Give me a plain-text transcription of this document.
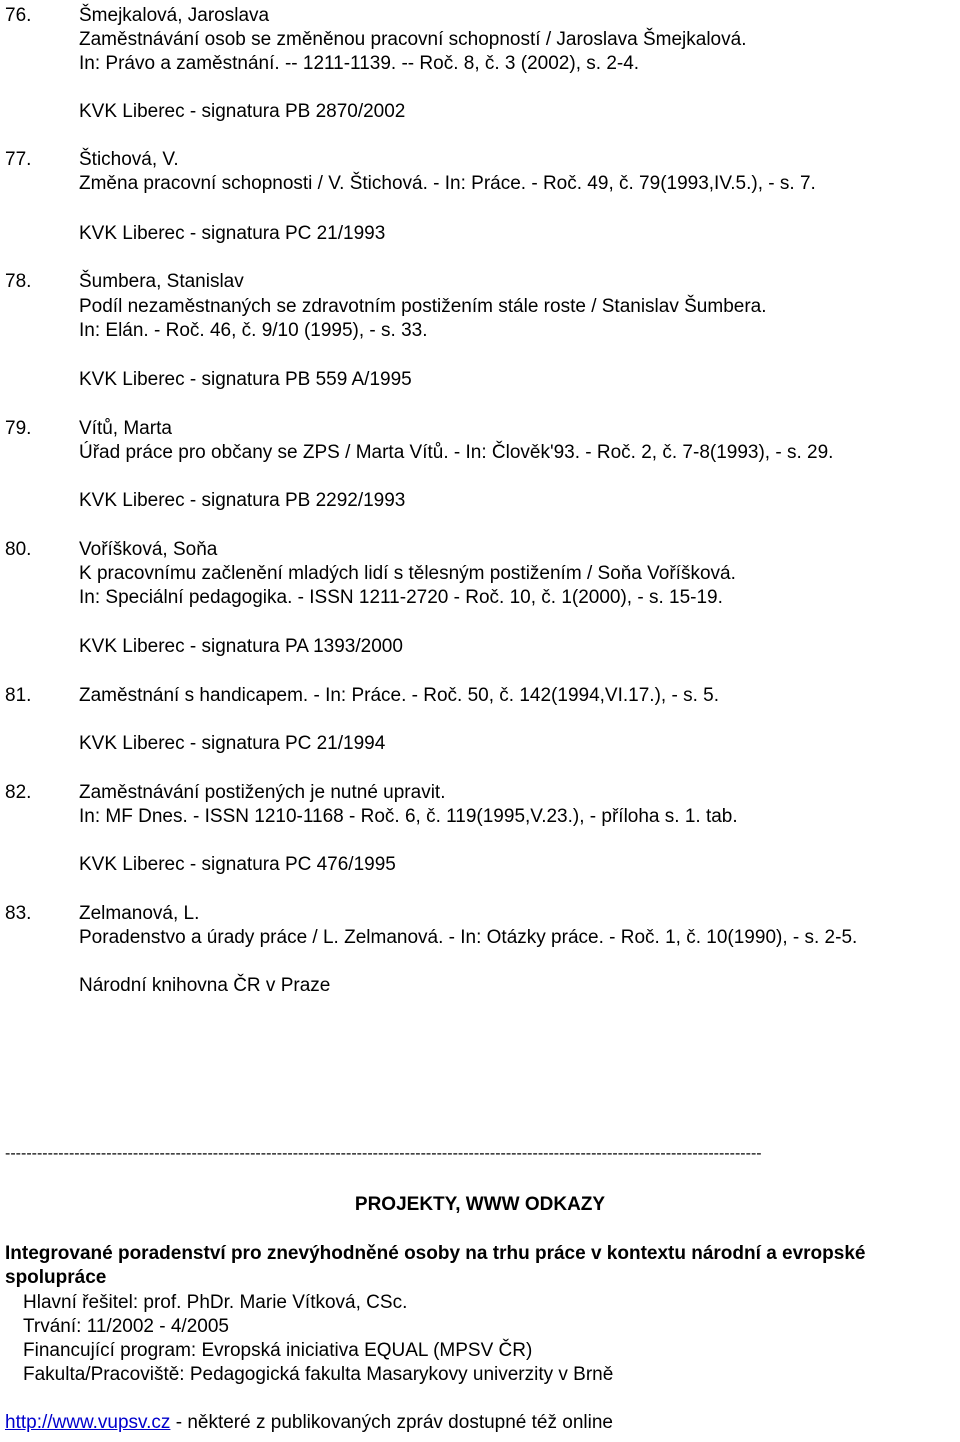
76.	Šmejkalová, Jaroslava
Zaměstnávání osob se změněnou pracovní schopností / Jaroslava Šmejkalová.
In: Právo a zaměstnání. -- 1211-1139. -- Roč. 8, č. 3 (2002), s. 2-4.
KVK Liberec - signatura PB 2870/2002
77.	Štichová, V.
Změna pracovní schopnosti / V. Štichová. - In: Práce. - Roč. 49, č. 79(1993,IV.5.), - s. 7.
KVK Liberec - signatura PC 21/1993
78.	Šumbera, Stanislav
Podíl nezaměstnaných se zdravotním postižením stále roste / Stanislav Šumbera.
In: Elán. - Roč. 46, č. 9/10 (1995), - s. 33.
KVK Liberec - signatura PB 559 A/1995
79.	Vítů, Marta
Úřad práce pro občany se ZPS / Marta Vítů. - In: Člověk'93. - Roč. 2, č. 7-8(1993), - s. 29.
KVK Liberec - signatura PB 2292/1993
80.	Voříšková, Soňa
K pracovnímu začlenění mladých lidí s tělesným postižením / Soňa Voříšková.
In: Speciální pedagogika. - ISSN 1211-2720 - Roč. 10, č. 1(2000), - s. 15-19.
KVK Liberec - signatura PA 1393/2000
81.	Zaměstnání s handicapem. - In: Práce. - Roč. 50, č. 142(1994,VI.17.), - s. 5.
KVK Liberec - signatura PC 21/1994
82.	Zaměstnávání postižených je nutné upravit.
In: MF Dnes. - ISSN 1210-1168 - Roč. 6, č. 119(1995,V.23.), - příloha s. 1. tab.
KVK Liberec - signatura PC 476/1995
83.	Zelmanová, L.
Poradenstvo a úrady práce / L. Zelmanová. - In: Otázky práce. - Roč. 1, č. 10(1990), - s. 2-5.
Národní knihovna ČR v Praze
----------------------------------------------------------------------------------------------------------------------------------------------
PROJEKTY, WWW ODKAZY
Integrované poradenství pro znevýhodněné osoby na trhu práce v kontextu národní a evropské
spolupráce
Hlavní řešitel: prof. PhDr. Marie Vítková, CSc.
Trvání: 11/2002 - 4/2005
Financující program: Evropská iniciativa EQUAL (MPSV ČR)
Fakulta/Pracoviště: Pedagogická fakulta Masarykovy univerzity v Brně
http://www.vupsv.cz - některé z publikovaných zpráv dostupné též online
